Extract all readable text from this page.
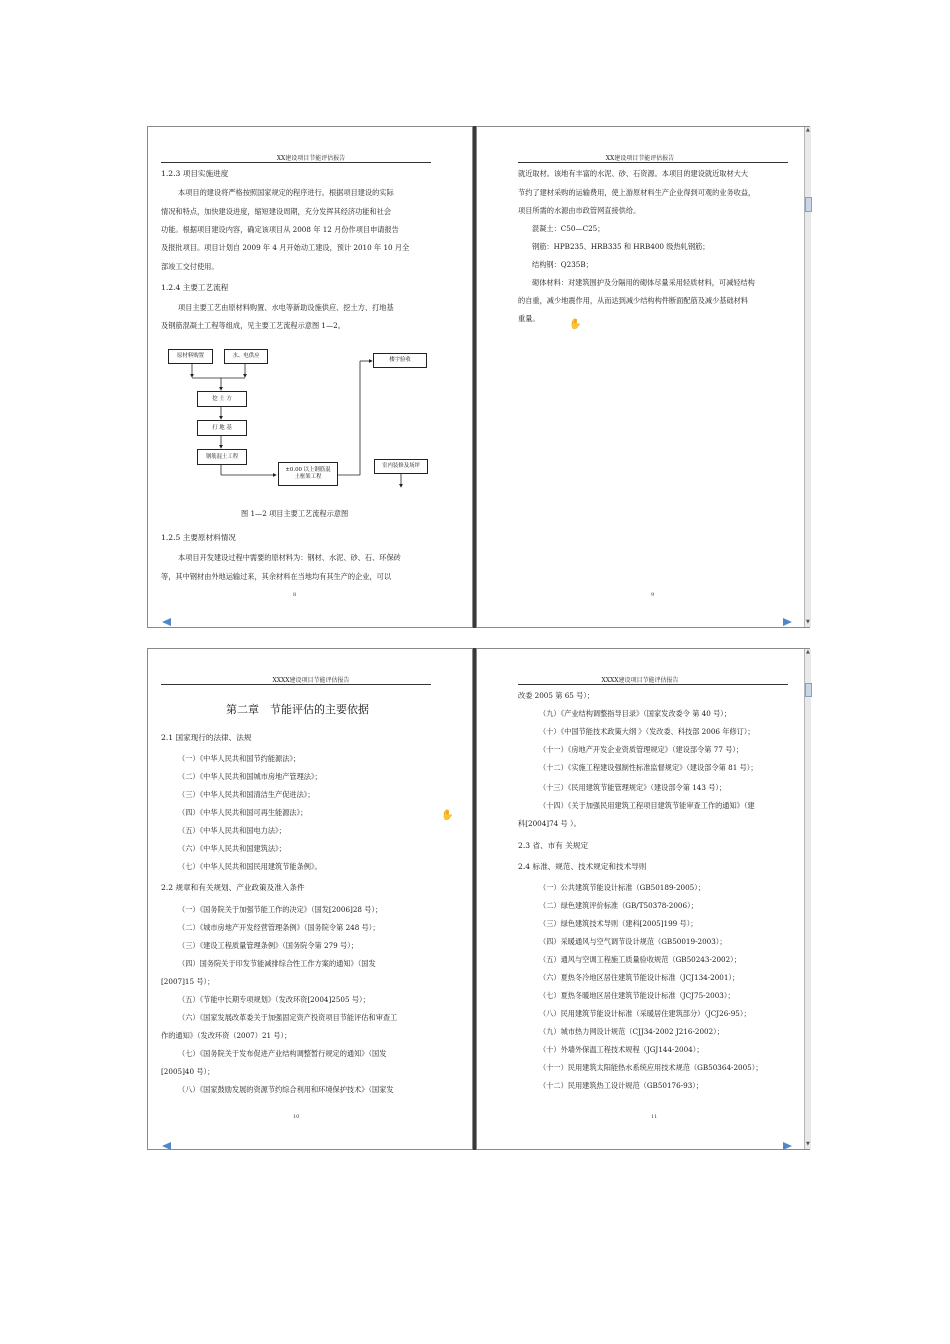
XX建设项目节能评估报告
1.2.3 项目实施进度
本项目的建设将严格按照国家规定的程序进行。根据项目建设的实际
情况和特点，加快建设进度，缩短建设周期，充分发挥其经济功能和社会
功能。根据项目建设内容，确定该项目从 2008 年 12 月份作项目申请报告
及报批项目。项目计划自 2009 年 4 月开始动工建设，预计 2010 年 10 月全
部竣工交付使用。
1.2.4 主要工艺流程
项目主要工艺由原材料购置、水电等新助设施供应、挖土方、打地基
及钢筋混凝土工程等组成，见主要工艺流程示意图 1—2。
原材料购置	水、电供应
挖 土 方
打 地 基
钢筋混土工程
±0.00 以上钢筋混土框架工程
楼宇验收
室内装修及场坪
图 1—2 项目主要工艺流程示意图
1.2.5 主要原材料情况
本项目开发建设过程中需要的原材料为：钢材、水泥、砂、石、环保砖
等，其中钢材由外地运输过来，其余材料在当地均有其生产的企业，可以
8
XX建设项目节能评估报告
就近取材。该地有丰富的水泥、砂、石资源。本项目的建设就近取材大大
节约了建材采购的运输费用，使上游原材料生产企业得到可观的业务收益，
项目所需的水源由市政管网直接供给。
混凝土：C50—C25；
钢筋：HPB235、HRB335 和 HRB400 级热轧钢筋；
结构钢：Q235B；
砌体材料：对建筑围护及分隔用的砌体尽量采用轻质材料，可减轻结构
的自重，减少地震作用，从而达到减少结构构件断面配筋及减少基础材料
重量。
✋
9
▲
▼
XXXX建设项目节能评估报告
第二章　节能评估的主要依据
2.1 国家现行的法律、法规
（一）《中华人民共和国节约能源法》；
（二）《中华人民共和国城市房地产管理法》；
（三）《中华人民共和国清洁生产促进法》；
（四）《中华人民共和国可再生能源法》；
（五）《中华人民共和国电力法》；
（六）《中华人民共和国建筑法》；
（七）《中华人民共和国民用建筑节能条例》。
2.2 规章和有关规划、产业政策及准入条件
（一）《国务院关于加强节能工作的决定》（国发[2006]28 号）；
（二）《城市房地产开发经营管理条例》（国务院令第 248 号）；
（三）《建设工程质量管理条例》（国务院令第 279 号）；
（四）国务院关于印发节能减排综合性工作方案的通知》（国发
[2007]15 号）；
（五）《节能中长期专项规划》（发改环资[2004]2505 号）；
（六）《国家发展改革委关于加强固定资产投资项目节能评估和审查工
作的通知》（发改环资（2007）21 号）；
（七）《国务院关于发布促进产业结构调整暂行规定的通知》（国发
[2005]40 号）；
（八）《国家鼓励发展的资源节约综合利用和环境保护技术》（国家发
✋
10
XXXX建设项目节能评估报告
改委 2005 第 65 号）；
（九）《产业结构调整指导目录》（国家发改委令 第 40 号）；
（十）《中国节能技术政策大纲 》（发改委、科技部 2006 年修订）；
（十一）《房地产开发企业资质管理规定》（建设部令第 77 号）；
（十二）《实施工程建设强制性标准监督规定》（建设部令第 81 号）；
（十三）《民用建筑节能管理规定》（建设部令第 143 号）；
（十四）《关于加强民用建筑工程项目建筑节能审查工作的通知》（建
科[2004]74 号 ）。
2.3 省、市有 关规定
2.4 标准、规范、技术规定和技术导则
（一）公共建筑节能设计标准（GB50189-2005）；
（二）绿色建筑评价标准（GB/T50378-2006）；
（三）绿色建筑技术导则（建科[2005]199 号）；
（四）采暖通风与空气调节设计规范（GB50019-2003）；
（五）通风与空调工程施工质量验收规范（GB50243-2002）；
（六）夏热冬冷地区居住建筑节能设计标准（JCJ134-2001）；
（七）夏热冬暖地区居住建筑节能设计标准（JCJ75-2003）；
（八）民用建筑节能设计标准（采暖居住建筑部分）（JCJ26-95）；
（九）城市热力网设计规范（CJJ34-2002 J216-2002）；
（十）外墙外保温工程技术规程（JGJ144-2004）；
（十一）民用建筑太阳能热水系统应用技术规范（GB50364-2005）；
（十二）民用建筑热工设计规范（GB50176-93）；
11
▲
▼
